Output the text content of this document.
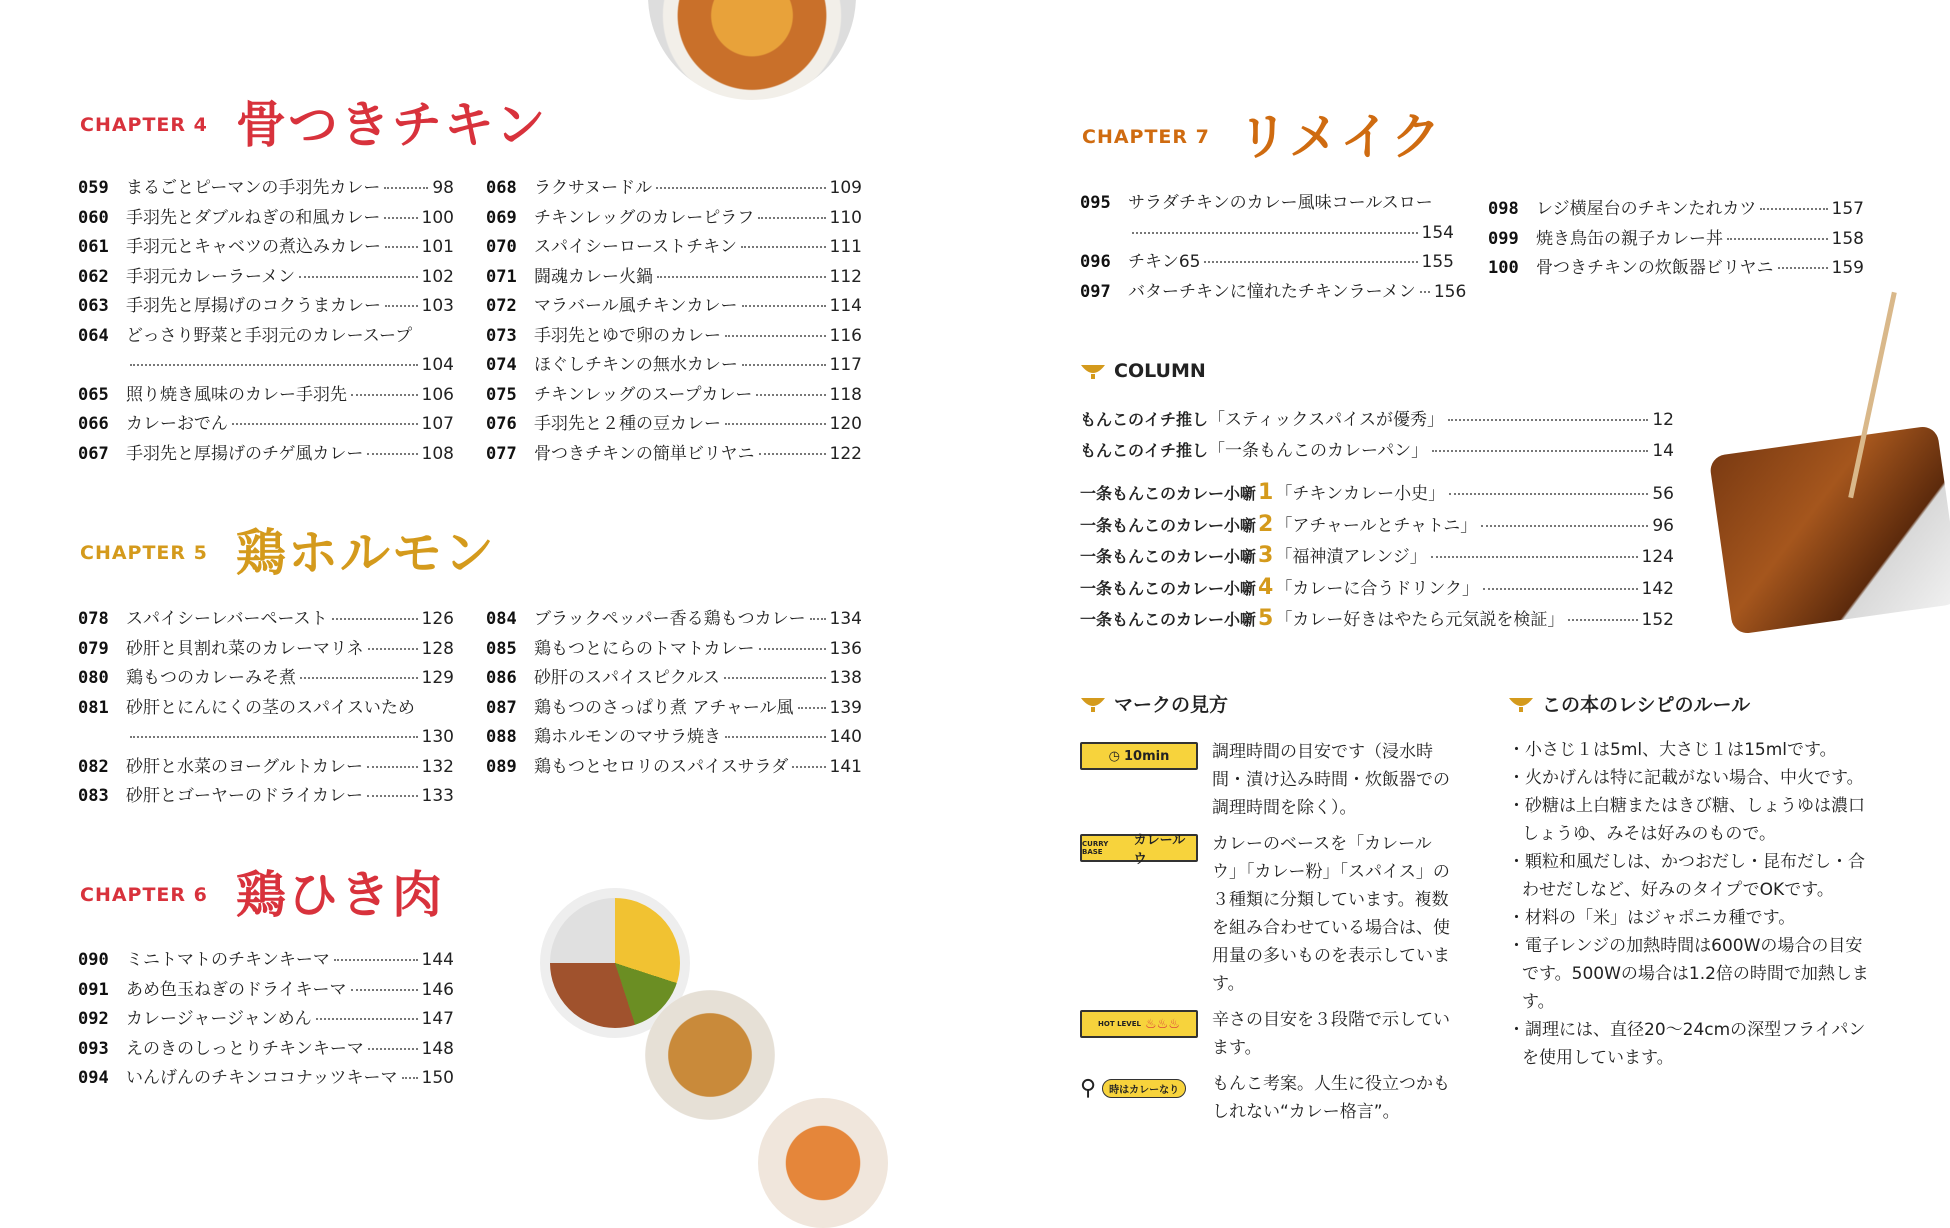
CHAPTER 4 骨つきチキン
059	まるごとピーマンの手羽先カレー	98
060	手羽先とダブルねぎの和風カレー 100
061	手羽元とキャベツの煮込みカレー 101
062	手羽元カレーラーメン	102
063	手羽先と厚揚げのコクうまカレー 103
064	どっさり野菜と手羽元のカレースープ
104
065	照り焼き風味のカレー手羽先	106
066	カレーおでん	107
067	手羽先と厚揚げのチゲ風カレー	108
068	ラクサヌードル	109
069	チキンレッグのカレーピラフ	110
070	スパイシーローストチキン	111
071	闘魂カレー火鍋	112
072	マラバール風チキンカレー	114
073	手羽先とゆで卵のカレー	116
074	ほぐしチキンの無水カレー	117
075	チキンレッグのスープカレー	118
076	手羽先と２種の豆カレー	120
077	骨つきチキンの簡単ビリヤニ	122
CHAPTER 5 鶏ホルモン
078	スパイシーレバーペースト	126
079	砂肝と貝割れ菜のカレーマリネ	128
080	鶏もつのカレーみそ煮	129
081	砂肝とにんにくの茎のスパイスいため
130
082	砂肝と水菜のヨーグルトカレー	132
083	砂肝とゴーヤーのドライカレー	133
084	ブラックペッパー香る鶏もつカレー 134
085	鶏もつとにらのトマトカレー	136
086	砂肝のスパイスピクルス	138
087	鶏もつのさっぱり煮 アチャール風 139
088	鶏ホルモンのマサラ焼き	140
089	鶏もつとセロリのスパイスサラダ 141
CHAPTER 6 鶏ひき肉
090	ミニトマトのチキンキーマ	144
091	あめ色玉ねぎのドライキーマ	146
092	カレージャージャンめん	147
093	えのきのしっとりチキンキーマ	148
094	いんげんのチキンココナッツキーマ 150
CHAPTER 7 リメイク
095	サラダチキンのカレー風味コールスロー
154
096	チキン65	155
097	バターチキンに憧れたチキンラーメン 156
098	レジ横屋台のチキンたれカツ	157
099	焼き鳥缶の親子カレー丼	158
100	骨つきチキンの炊飯器ビリヤニ	159
COLUMN
もんこのイチ推し 「スティックスパイスが優秀」	12
もんこのイチ推し 「一条もんこのカレーパン」	14
一条もんこのカレー小噺 1 「チキンカレー小史」	56
一条もんこのカレー小噺 2 「アチャールとチャトニ」	96
一条もんこのカレー小噺 3 「福神漬アレンジ」	124
一条もんこのカレー小噺 4 「カレーに合うドリンク」	142
一条もんこのカレー小噺 5 「カレー好きはやたら元気説を検証」	152
マークの見方
◷ 10min	調理時間の目安です（浸水時間・漬け込み時間・炊飯器での調理時間を除く）。
CURRY BASE
カレールウ
カレーのベースを「カレールウ」「カレー粉」「スパイス」の３種類に分類しています。複数を組み合わせている場合は、使用量の多いものを表示しています。
HOT LEVEL ♨♨♨ 辛さの目安を３段階で示しています。
⚲	時はカレーなり	もんこ考案。人生に役立つかもしれない“カレー格言”。
この本のレシピのルール
・ 小さじ１は5ml、大さじ１は15mlです。
・ 火かげんは特に記載がない場合、中火です。
・ 砂糖は上白糖またはきび糖、しょうゆは濃口しょうゆ、みそは好みのもので。
・ 顆粒和風だしは、かつおだし・昆布だし・合わせだしなど、好みのタイプでOKです。
・ 材料の「米」はジャポニカ種です。
・ 電子レンジの加熱時間は600Wの場合の目安です。500Wの場合は1.2倍の時間で加熱します。
・ 調理には、直径20～24cmの深型フライパンを使用しています。
